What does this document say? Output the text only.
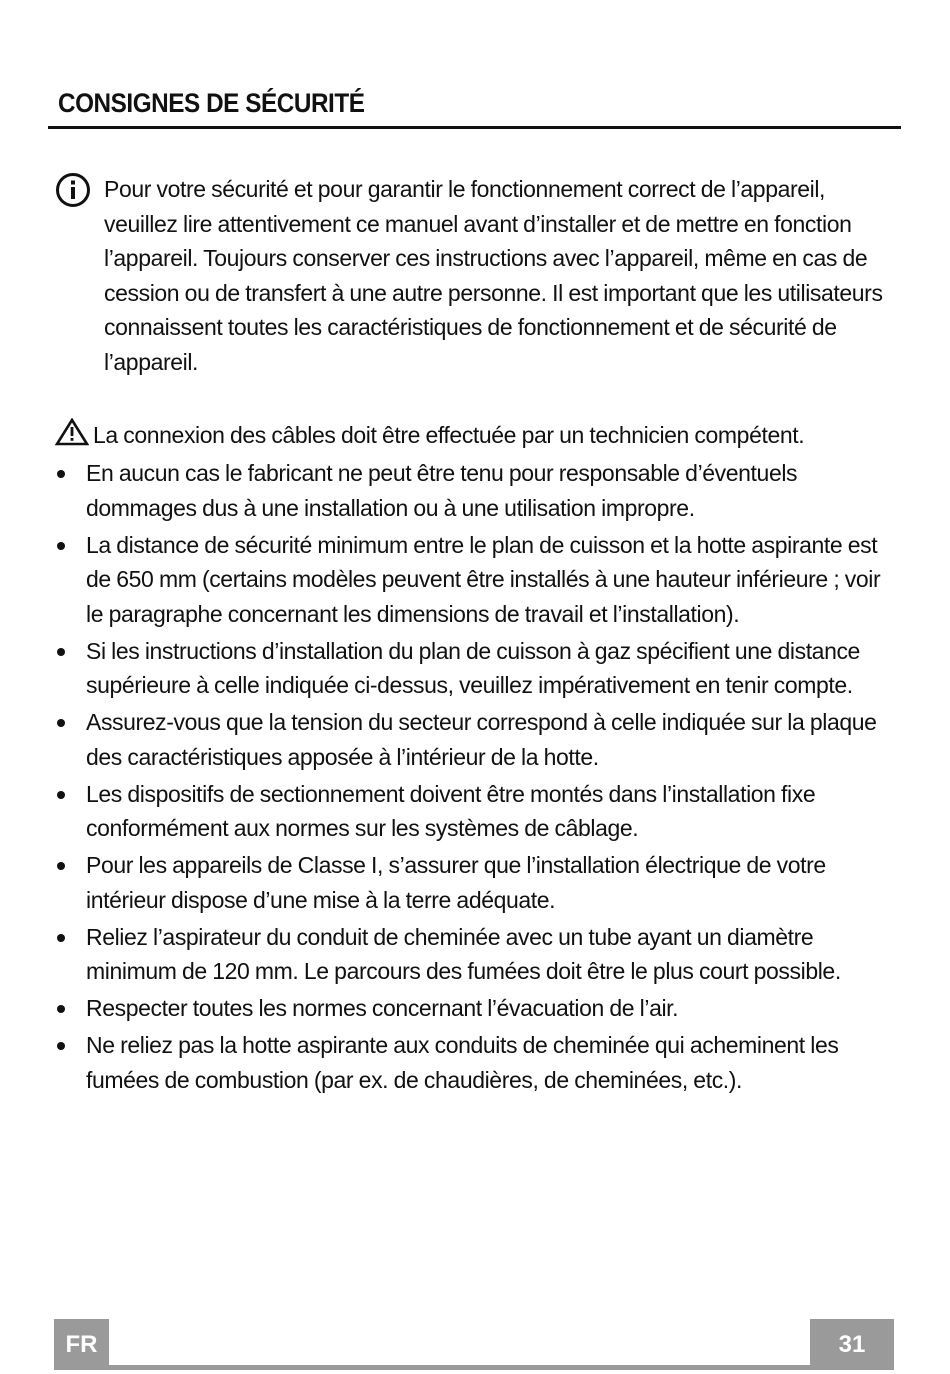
CONSIGNES DE SÉCURITÉ
Pour votre sécurité et pour garantir le fonctionnement correct de l’appareil, veuillez lire attentivement ce manuel avant d’installer et de mettre en fonction l’appareil. Toujours conserver ces instructions avec l’appareil, même en cas de cession ou de transfert à une autre personne. Il est important que les utilisateurs connaissent toutes les caractéristiques de fonctionnement et de sécurité de l’appareil.
La connexion des câbles doit être effectuée par un technicien compétent.
En aucun cas le fabricant ne peut être tenu pour responsable d’éventuels dommages dus à une installation ou à une utilisation impropre.
La distance de sécurité minimum entre le plan de cuisson et la hotte aspirante est de 650 mm (certains modèles peuvent être installés à une hauteur inférieure ; voir le paragraphe concernant les dimensions de travail et l’installation).
Si les instructions d’installation du plan de cuisson à gaz spécifient une distance supérieure à celle indiquée ci-dessus, veuillez impérativement en tenir compte.
Assurez-vous que la tension du secteur correspond à celle indiquée sur la plaque des caractéristiques apposée à l’intérieur de la hotte.
Les dispositifs de sectionnement doivent être montés dans l’installation fixe conformément aux normes sur les systèmes de câblage.
Pour les appareils de Classe I, s’assurer que l’installation électrique de votre intérieur dispose d’une mise à la terre adéquate.
Reliez l’aspirateur du conduit de cheminée avec un tube ayant un diamètre minimum de 120 mm. Le parcours des fumées doit être le plus court possible.
Respecter toutes les normes concernant l’évacuation de l’air.
Ne reliez pas la hotte aspirante aux conduits de cheminée qui acheminent les fumées de combustion (par ex. de chaudières, de cheminées, etc.).
FR	31
